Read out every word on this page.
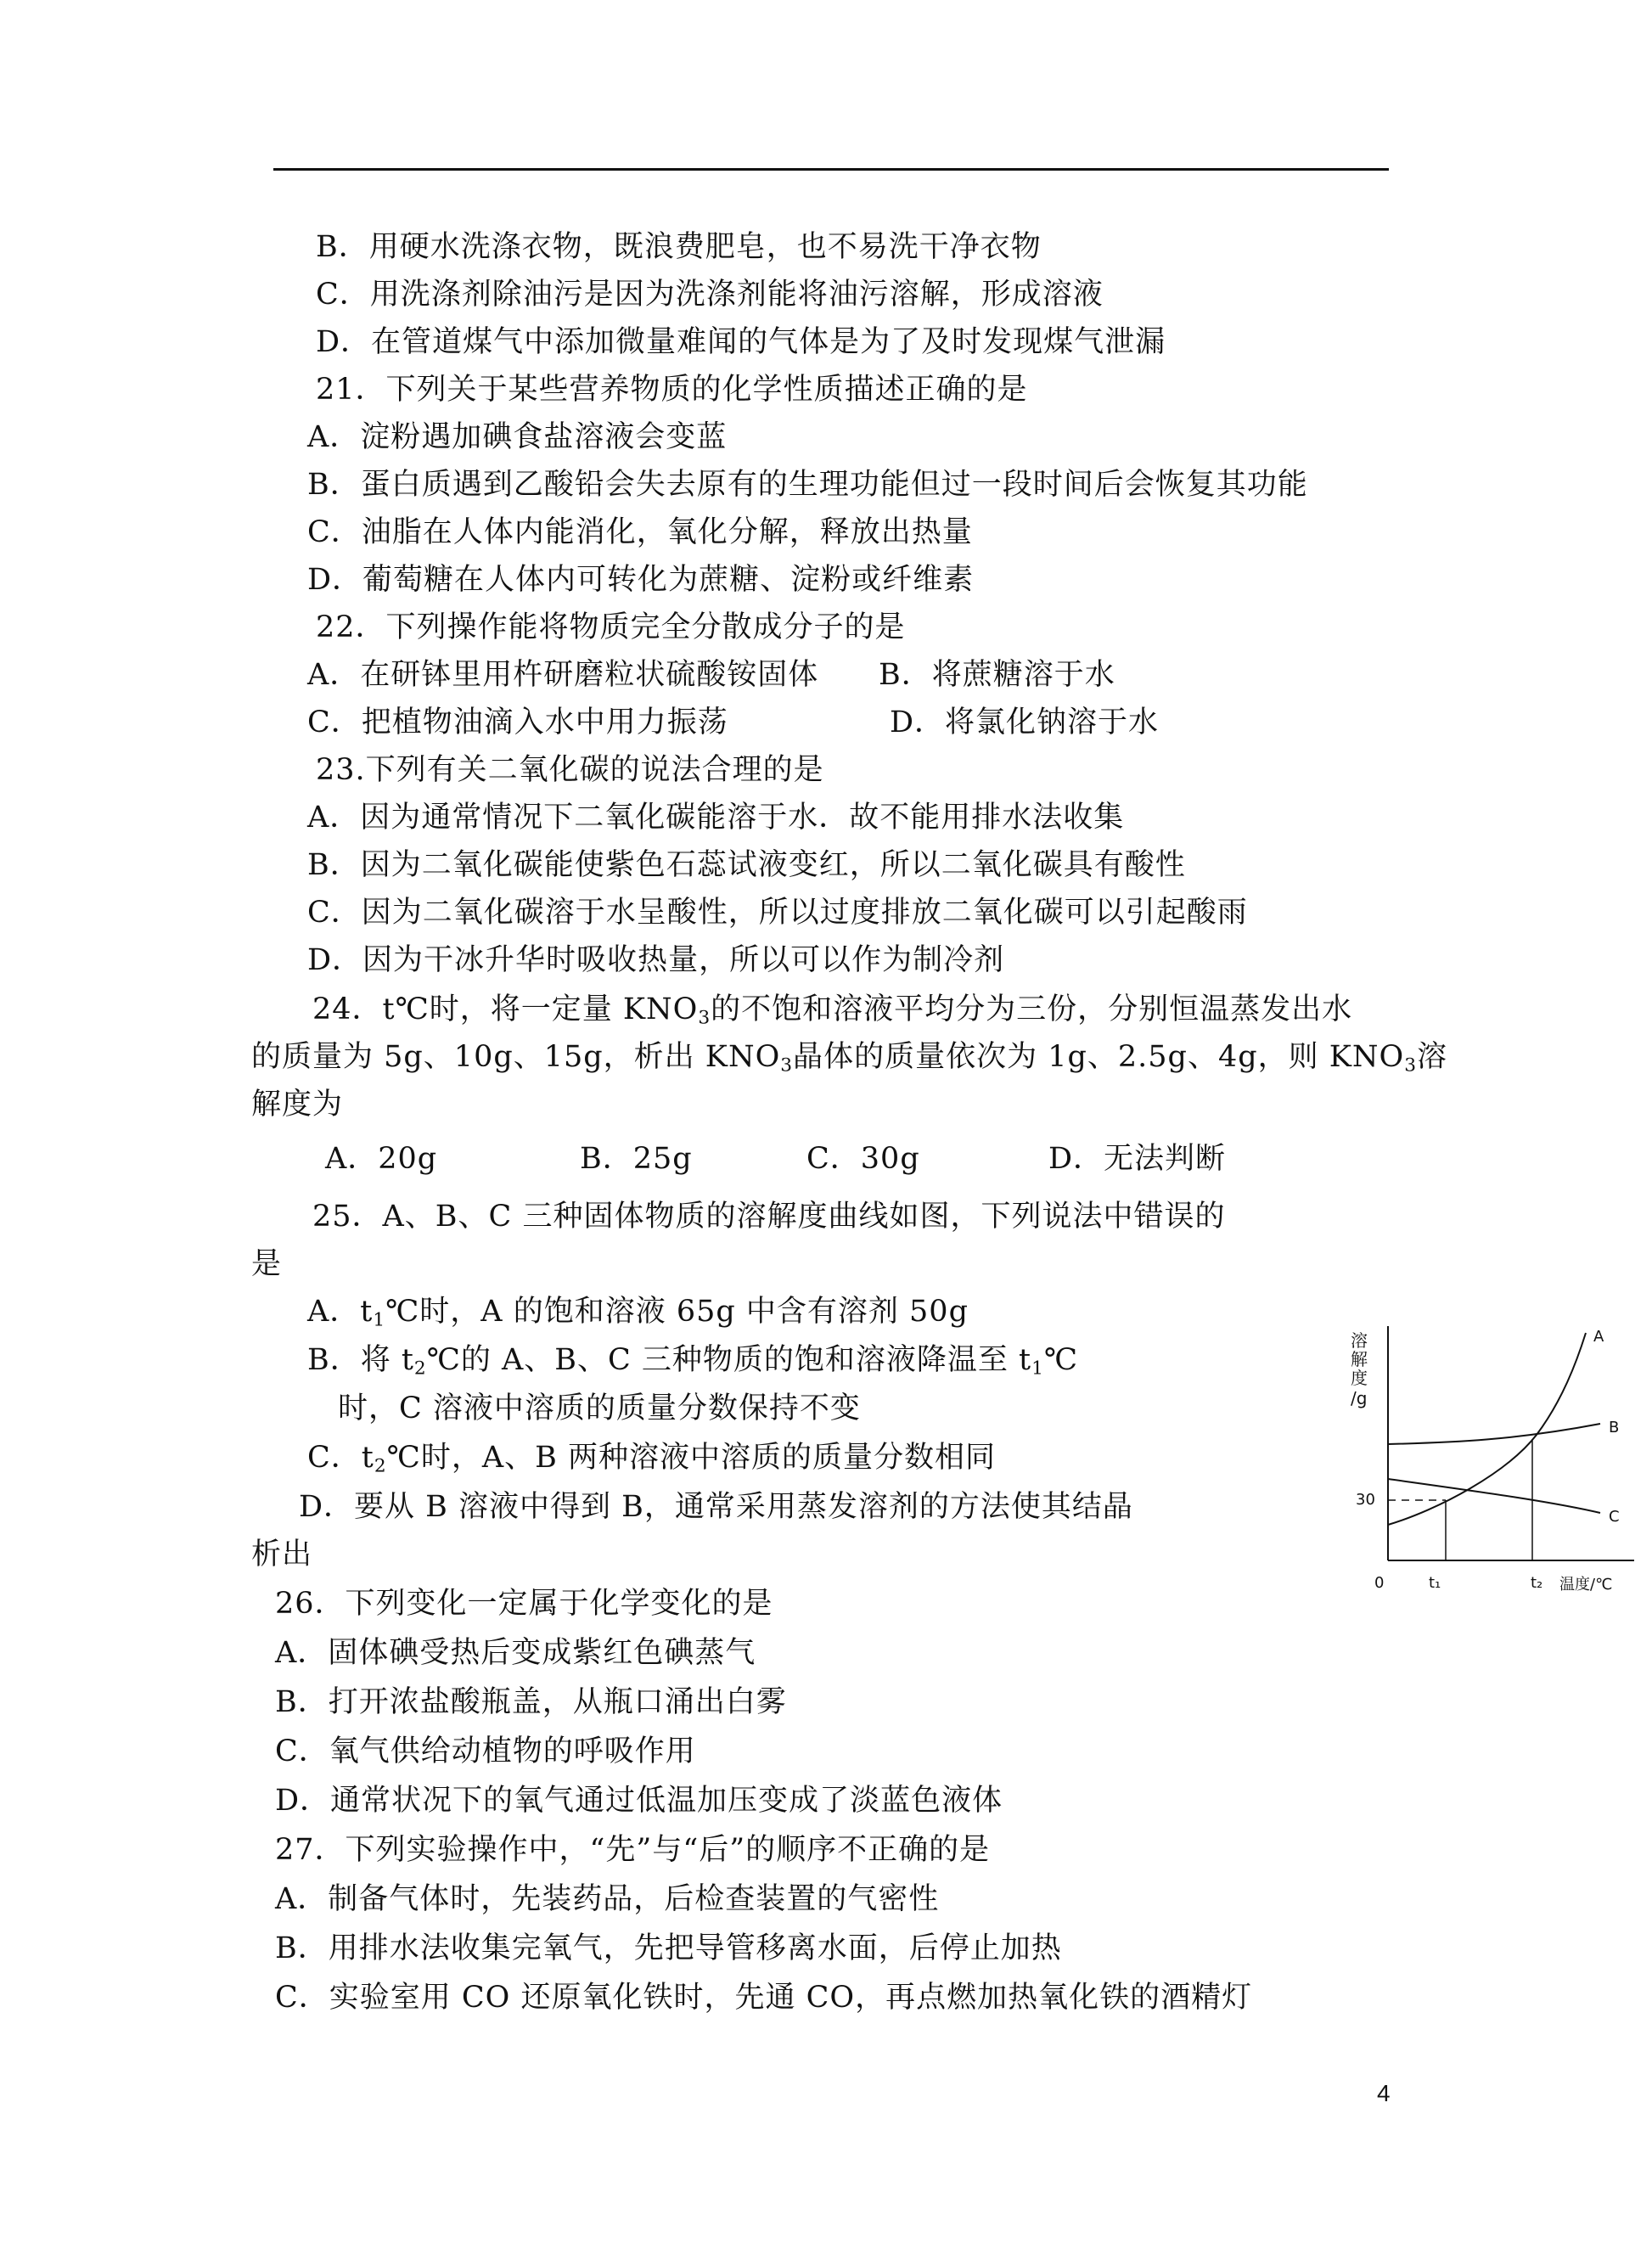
B．用硬水洗涤衣物，既浪费肥皂，也不易洗干净衣物
C．用洗涤剂除油污是因为洗涤剂能将油污溶解，形成溶液
D．在管道煤气中添加微量难闻的气体是为了及时发现煤气泄漏
21．下列关于某些营养物质的化学性质描述正确的是
A．淀粉遇加碘食盐溶液会变蓝
B．蛋白质遇到乙酸铅会失去原有的生理功能但过一段时间后会恢复其功能
C．油脂在人体内能消化，氧化分解，释放出热量
D．葡萄糖在人体内可转化为蔗糖、淀粉或纤维素
22．下列操作能将物质完全分散成分子的是
A．在研钵里用杵研磨粒状硫酸铵固体 B．将蔗糖溶于水
C．把植物油滴入水中用力振荡	D．将氯化钠溶于水
23.下列有关二氧化碳的说法合理的是
A．因为通常情况下二氧化碳能溶于水．故不能用排水法收集
B．因为二氧化碳能使紫色石蕊试液变红，所以二氧化碳具有酸性
C．因为二氧化碳溶于水呈酸性，所以过度排放二氧化碳可以引起酸雨
D．因为干冰升华时吸收热量，所以可以作为制冷剂
24．t℃时，将一定量 $KNO_3$的不饱和溶液平均分为三份，分别恒温蒸发出水
的质量为 5g、10g、15g，析出 $KNO_3$晶体的质量依次为 1g、2.5g、4g，则 $KNO_3$溶
解度为
A．20g	B．25g	C．30g	D．无法判断
25．A、B、C 三种固体物质的溶解度曲线如图，下列说法中错误的
是
A．$t_1℃$时，A 的饱和溶液 65g 中含有溶剂 50g
B．将 $t_2℃$的 A、B、C 三种物质的饱和溶液降温至 $t_1℃$
时，C 溶液中溶质的质量分数保持不变
C．$t_2℃$时，A、B 两种溶液中溶质的质量分数相同
D．要从 B 溶液中得到 B，通常采用蒸发溶剂的方法使其结晶
析出
26．下列变化一定属于化学变化的是
A．固体碘受热后变成紫红色碘蒸气
B．打开浓盐酸瓶盖，从瓶口涌出白雾
C．氧气供给动植物的呼吸作用
D．通常状况下的氧气通过低温加压变成了淡蓝色液体
27．下列实验操作中，“先”与“后”的顺序不正确的是
A．制备气体时，先装药品，后检查装置的气密性
B．用排水法收集完氧气，先把导管移离水面，后停止加热
C．实验室用 CO 还原氧化铁时，先通 CO，再点燃加热氧化铁的酒精灯
溶
解
度
/g
30
0	t₁	t₂ 温度/℃
A
B
C
4
